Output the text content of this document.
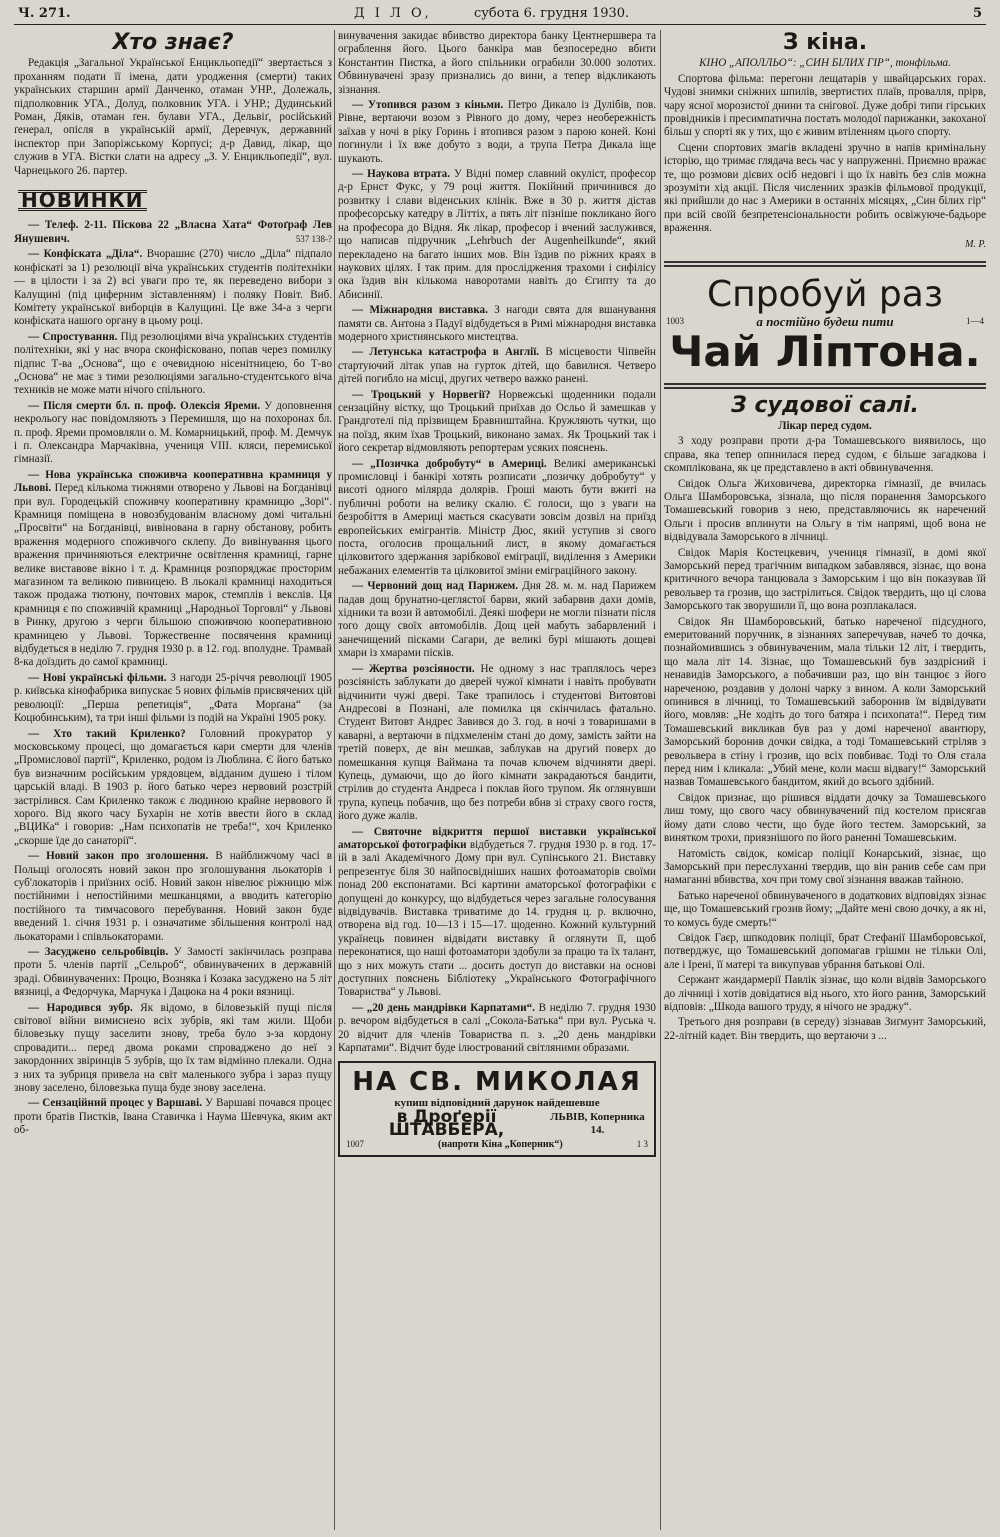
Ч. 271.	Д І Л О,	субота 6. грудня 1930.	5
Хто знає?

Редакція „Загальної Української Енцикльопедії“ звертається з проханням подати її імена, дати уродження (смерти) таких українських старшин армії Данченко, отаман УНР., Долежаль, підполковник УГА., Долуд, полковник УГА. і УНР.; Дудинський Роман, Дяків, отаман ґен. булави УГА., Дельвіґ, російський ґенерал, опісля в українській армії, Деревчук, державний інспектор при Запоріжському Корпусі; д-р Давид, лікар, що служив в УГА. Вістки слати на адресу „З. У. Енцикльопедії“, вул. Чарнецького 26. партер.

НОВИНКИ

— Телеф. 2-11. Піскова 22 „Власна Хата“ Фотоґраф Лев Янушевич.	537 138-?

— Конфіската „Діла“. Вчорашнє (270) число „Діла“ підпало конфіскаті за 1) резолюції віча українських студентів політехніки — в цілости і за 2) всі уваги про те, як переведено вибори з Калущині (під циферним зіставленням) і поляку Повіт. Виб. Комітету української виборців в Калущині. Це вже 34-а з черги конфіската нашого органу в цьому році.

— Спростування. Під резолюціями віча українських студентів політехніки, які у нас вчора сконфісковано, попав через помилку підпис Т-ва „Основа“, що є очевидною нісенітницею, бо Т-во „Основа“ не має з тими резолюціями загально-студентського віча техників не може мати нічого спільного.

— Після смерти бл. п. проф. Олексія Яреми. У доповнення некрольогу нас повідомляють з Перемишля, що на похоронах бл. п. проф. Яреми промовляли о. М. Комарницький, проф. М. Демчук і п. Олександра Марчаківна, учениця VIII. кляси, перемиської гімназії.

— Нова українська споживча кооперативна крамниця у Львові. Перед кількома тижнями отворено у Львові на Богданівці при вул. Городецькій споживчу кооперативну крамницю „Зорі“. Крамниця поміщена в новозбудованім власному домі читальні „Просвіти“ на Богданівці, вивінована в гарну обстанову, робить враження модерного споживчого склепу. До вивінування цього враження причиняються електричне освітлення крамниці, гарне велике виставове вікно і т. д. Крамниця розпоряджає просторим магазином та великою пивницею. В льокалі крамниці находиться також продажа тютюну, почтових марок, стемплів і векслів. Ця крамниця є по споживчій крамниці „Народньої Торговлі“ у Львові в Ринку, другою з черги більшою споживчою кооперативною крамницею у Львові. Торжественне посвячення крамниці відбудеться в неділю 7. грудня 1930 р. в 12. год. вполудне. Трамвай 8-ка доїздить до самої крамниці.

— Нові українські фільми. З нагоди 25-річчя революції 1905 р. київська кінофабрика випускає 5 нових фільмів присвячених цій революції: „Перша репетиція“, „Фата Морґана“ (за Коцюбинським), та три інші фільми із подій на Україні 1905 року.

— Хто такий Криленко? Головний прокуратор у московському процесі, що домагається кари смерти для членів „Промислової партії“, Криленко, родом із Люблина. Є його батько був визначним російським урядовцем, відданим душею і тілом царській владі. В 1903 р. його батько через нервовий розстрій застрілився. Сам Криленко також є людиною крайне нервового й хорого. Від якого часу Бухарін не хотів ввести його в склад „ВЦИКа“ і говорив: „Нам психопатів не треба!“, хоч Криленко „скорше їде до санаторії“.

— Новий закон про зголошення. В найближчому часі в Польщі оголосять новий закон про зголошування льокаторів і суб'локаторів і приїзних осіб. Новий закон нівелює ріжницю між постійними і непостійними мешканцями, а вводить категорію постійного та тимчасового перебування. Новий закон буде введений 1. січня 1931 р. і означатиме збільшення контролі над льокаторами і співльокаторами.

— Засуджено сельробівців. У Замості закінчилась розправа проти 5. членів партії „Сельроб“, обвинувачених в державній зраді. Обвинувачених: Процю, Возняка і Козака засуджено на 5 літ вязниці, а Федорчука, Марчука і Дацюка на 4 роки вязниці.

— Народився зубр. Як відомо, в біловезькій пущі після світової війни вимиснено всіх зубрів, які там жили. Щоби біловезьку пущу заселити знову, треба було з-за кордону спровадити... перед двома роками спроваджено до неї з закордонних звіринців 5 зубрів, що їх там відмінно плекали. Одна з них та зубриця привела на світ маленького зубра і зараз пущу знову заселено, біловезька пуща буде знову заселена.

— Сензаційний процес у Варшаві. У Варшаві почався процес проти братів Пистків, Івана Ставичка і Наума Шевчука, яким акт об-

винувачення закидає вбивство директора банку Центнершвера та ограблення його. Цього банкіра мав безпосередно вбити Константин Пистка, а його спільники ограбили 30.000 золотих. Обвинувачені зразу признались до вини, а тепер відкликають зізнання.

— Утопився разом з кіньми. Петро Дикало із Дулібів, пов. Рівне, вертаючи возом з Рівного до дому, через необережність заїхав у ночі в ріку Горинь і втопився разом з парою коней. Коні погинули і їх вже добуто з води, а трупа Петра Дикала іще шукають.

— Наукова втрата. У Відні помер славний окуліст, професор д-р Ернст Фукс, у 79 році життя. Покійний причинився до розвитку і слави віденських клінік. Вже в 30 р. життя дістав професорську катедру в Літтіх, а пять літ пізніше покликано його на професора до Відня. Як лікар, професор і вчений заслужився, що написав підручник „Lehrbuch der Augenheilkunde“, який перекладено на багато інших мов. Він їздив по ріжних краях в наукових цілях. І так прим. для прослідження трахоми і сифілісу ока їздив він кількома наворотами навіть до Єгипту та до Абисинії.

— Міжнародня виставка. З нагоди свята для вшанування памяти св. Антона з Падуї відбудеться в Римі міжнародня виставка модерного християнського мистецтва.

— Летунська катастрофа в Англії. В місцевости Чіпвейн стартуючий літак упав на гурток дітей, що бавилися. Четверо дітей погибло на місці, других четверо важко ранені.

— Троцький у Норвегії? Норвежські щоденники подали сензаційну вістку, що Троцький приїхав до Осльо й замешкав у Грандготелі під прізвищем Бравништайна. Кружляють чутки, що на поїзд, яким їхав Троцький, виконано замах. Як Троцький так і його секретар відмовляють репортерам усяких пояснень.

— „Позичка добробуту“ в Америці. Великі американські промисловці і банкірі хотять розписати „позичку добробуту“ у висоті одного мілярда долярів. Гроші мають бути вжиті на публичні роботи на велику скалю. Є голоси, що з уваги на безробіття в Америці мається скасувати зовсім дозвіл на приїзд европейських емігрантів. Міністр Дюс, який уступив зі свого поста, оголосив прощальний лист, в якому домагається цілковитого здержання зарібкової еміграції, виділення з Америки небажаних елементів та цілковитої зміни еміграційного закону.

— Червоний дощ над Парижем. Дня 28. м. м. над Парижем падав дощ брунатно-цеглястої барви, який забарвив дахи домів, хідники та вози й автомобілі. Деякі шофери не могли пізнати після того дощу своїх автомобілів. Дощ цей мабуть забарвлений і занечищений пісками Сагари, де великі бурі мішають дощеві хмари із хмарами пісків.

— Жертва розсіяности. Не одному з нас траплялось через розсіяність заблукати до дверей чужої кімнати і навіть пробувати відчинити чужі двері. Таке трапилось і студентові Витовтові Андресові в Познані, але помилка ця скінчилась фатально. Студент Витовт Андрес Завився до 3. год. в ночі з товаришами в каварні, а вертаючи в підхмеленім стані до дому, замість зайти на третій поверх, де він мешкав, заблукав на другий поверх до помешкання купця Ваймана та почав ключем відчиняти двері. Купець, думаючи, що до його кімнати закрадаються бандити, стрілив до студента Андреса і поклав його трупом. Як оглянувши трупа, купець побачив, що без потреби вбив зі страху свого гостя, його дуже жалів.

— Святочне відкриття першої виставки української аматорської фотографіки відбудеться 7. грудня 1930 р. в год. 17-ій в залі Академічного Дому при вул. Супінського 21. Виставку репрезентує біля 30 найпосвідніших наших фотоаматорів своїми понад 200 експонатами. Всі картини аматорської фотографіки є допущені до конкурсу, що відбудеться через загальне голосування відвідувачів. Виставка триватиме до 14. грудня ц. р. включно, отворена від год. 10—13 і 15—17. щоденно. Кожний культурний українець повинен відвідати виставку й оглянути її, щоб переконатися, що наші фотоаматори здобули за працю та їх талант, що з них можуть стати ... досить доступ до виставки на основі доступних пояснень Бібліотеку „Українського Фотографічного Товариства“ у Львові.

— „20 день мандрівки Карпатами“. В неділю 7. грудня 1930 р. вечором відбудеться в салі „Сокола-Батька“ при вул. Руська ч. 20 відчит для членів Товариства п. з. „20 день мандрівки Карпатами“. Відчит буде ілюстрований світляними образами.

НА СВ. МИКОЛАЯ
купиш відповідний дарунок найдешевше
в Дроґерії ШТАВБЕРА,
ЛЬВІВ, Коперника 14.
1007	(напроти Кіна „Коперник“)	1 3
З кіна.

КІНО „АПОЛЛЬО“: „СИН БІЛИХ ГІР“, тонфільма.

Спортова фільма: перегони лещатарів у швайцарських горах. Чудові знимки сніжних шпилів, звертистих плаїв, провалля, прірв, чару ясної морозистої днини та снігової. Дуже добрі типи гірських провідників і пресимпатична постать молодої парижанки, закоханої більш у спорті як у тих, що є живим втіленням цього спорту.

Сцени спортових змагів вкладені зручно в напів кримінальну історію, що тримає глядача весь час у напруженні. Приємно вражає те, що розмови дієвих осіб недовгі і що їх навіть без слів можна зрозуміти хід акції. Після численних зразків фільмової продукції, які прийшли до нас з Америки в останніх місяцях, „Син білих гір“ при всій своїй безпретенсіональности робить освіжуюче-бадьоре враження.

М. Р.
Спробуй раз
1003	а постійно будеш пити	1—4
Чай Ліптона.
З судової салі.

Лікар перед судом.

З ходу розправи проти д-ра Томашевського виявилось, що справа, яка тепер опинилася перед судом, є більше загадкова і скомплікована, як це представлено в акті обвинувачення.

Свідок Ольга Жиховичева, директорка гімназії, де вчилась Ольга Шамборовська, зізнала, що після поранення Заморського Томашевський говорив з нею, представляючись як наречений Ольги і просив вплинути на Ольгу в тім напрямі, щоб вона не відвідувала Заморського в лічниці.

Свідок Марія Костецкевич, учениця гімназії, в домі якої Заморський перед трагічним випадком забавлявся, зізнає, що вона критичного вечора танцювала з Заморським і що він показував їй револьвер та грозив, що застрілиться. Свідок твердить, що ці слова Заморського так зворушили її, що вона розплакалася.

Свідок Ян Шамборовський, батько нареченої підсудного, емеритований поручник, в зізнаннях заперечував, начеб то дочка, познайомившись з обвинуваченим, мала тільки 12 літ, і твердить, що мала літ 14. Зізнає, що Томашевський був заздрісний і ненавидів Заморського, а побачивши раз, що він танцює з його нареченою, роздавив у долоні чарку з вином. А коли Заморський опинився в лічниці, то Томашевський заборонив їм відвідувати його, мовляв: „Не ходіть до того батяра і психопата!“. Перед тим Томашевський викликав був раз у домі нареченої авантюру, Заморський боронив дочки свідка, а тоді Томашевський стріляв з револьвера в стіну і грозив, що всіх повбиває. Тоді то Оля стала перед ним і кликала: „Убий мене, коли маєш відвагу!“ Заморський назвав Томашевського бандитом, який до всього здібний.

Свідок признає, що рішився віддати дочку за Томашевського лиш тому, що свого часу обвинувачений під костелом присягав йому дати слово чести, що буде його тестем. Заморський, за винятком трохи, приязнішого по його раненні Томашевським.

Натомість свідок, комісар поліції Конарський, зізнає, що Заморський при переслуханні твердив, що він ранив себе сам при намаганні вбивства, хоч при тому свої зізнання вважав тайною.

Батько нареченої обвинуваченого в додаткових відповідях зізнає ще, що Томашевський грозив йому; „Дайте мені свою дочку, а як ні, то комусь буде смерть!“

Свідок Гаєр, шпкодовик поліції, брат Стефанії Шамборовської, потверджує, що Томашевський допомагав грішми не тільки Олі, але і Ірені, її матері та викупував убрання батькові Олі.

Сержант жандармерії Павлік зізнає, що коли відвів Заморського до лічниці і хотів довідатися від нього, хто його ранив, Заморський відповів: „Шкода вашого труду, я нічого не зраджу“.

Третього дня розправи (в середу) зізнавав Зиґмунт Заморський, 22-літній кадет. Він твердить, що вертаючи з ...
